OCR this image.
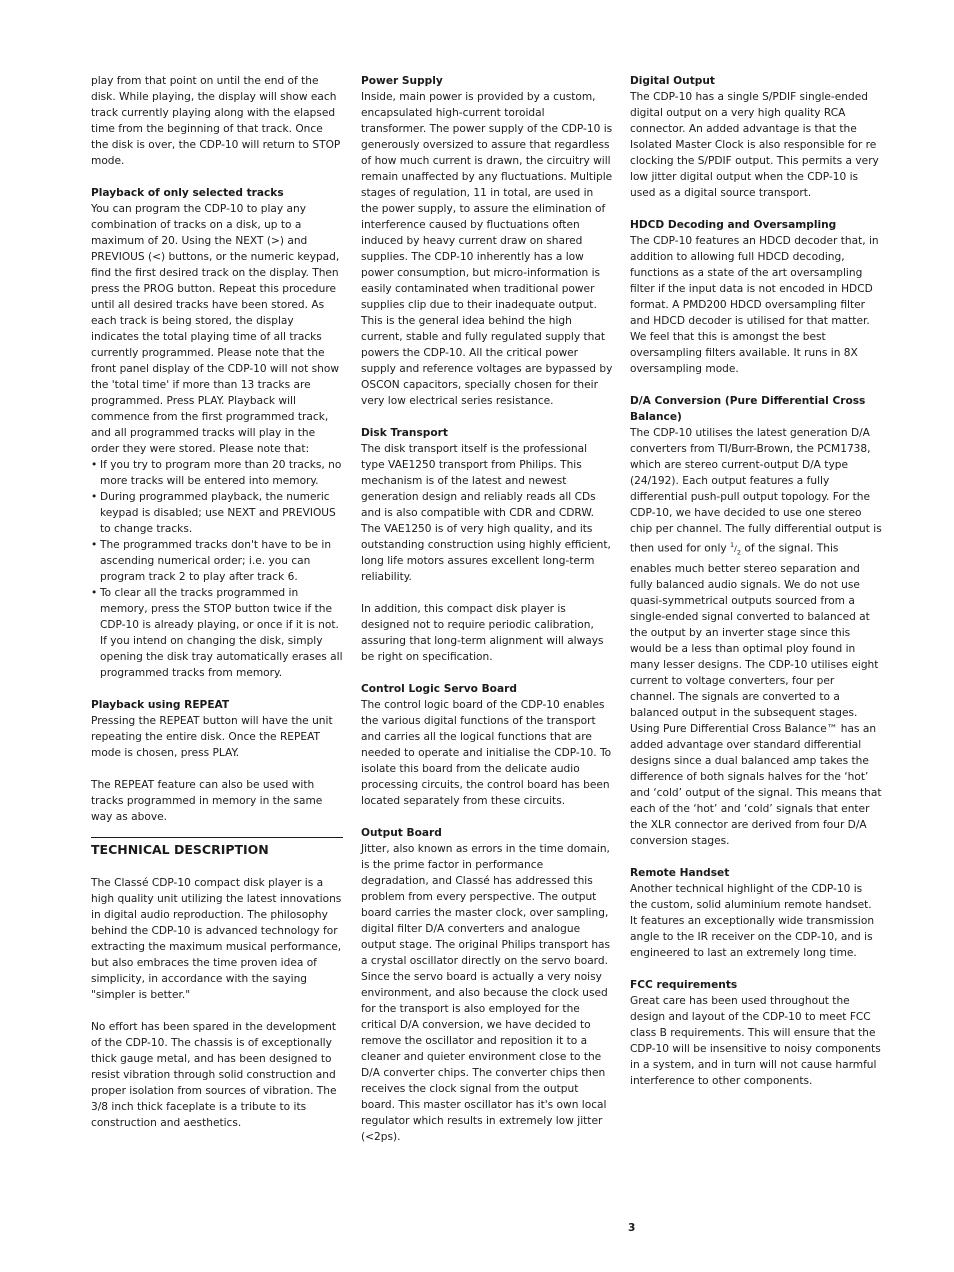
play from that point on until the end of the disk. While playing, the display will show each track currently playing along with the elapsed time from the beginning of that track. Once the disk is over, the CDP-10 will return to STOP mode.

Playback of only selected tracks

You can program the CDP-10 to play any combination of tracks on a disk, up to a maximum of 20. Using the NEXT (>) and PREVIOUS (<) buttons, or the numeric keypad, find the first desired track on the display. Then press the PROG button. Repeat this procedure until all desired tracks have been stored. As each track is being stored, the display indicates the total playing time of all tracks currently programmed. Please note that the front panel display of the CDP-10 will not show the 'total time' if more than 13 tracks are programmed. Press PLAY. Playback will commence from the first programmed track, and all programmed tracks will play in the order they were stored. Please note that:

• If you try to program more than 20 tracks, no more tracks will be entered into memory.
• During programmed playback, the numeric keypad is disabled; use NEXT and PREVIOUS to change tracks.
• The programmed tracks don't have to be in ascending numerical order; i.e. you can program track 2 to play after track 6.
• To clear all the tracks programmed in memory, press the STOP button twice if the CDP-10 is already playing, or once if it is not. If you intend on changing the disk, simply opening the disk tray automatically erases all programmed tracks from memory.
Playback using REPEAT

Pressing the REPEAT button will have the unit repeating the entire disk. Once the REPEAT mode is chosen, press PLAY.

The REPEAT feature can also be used with tracks programmed in memory in the same way as above.

TECHNICAL DESCRIPTION

The Classé CDP-10 compact disk player is a high quality unit utilizing the latest innovations in digital audio reproduction. The philosophy behind the CDP-10 is advanced technology for extracting the maximum musical performance, but also embraces the time proven idea of simplicity, in accordance with the saying "simpler is better."

No effort has been spared in the development of the CDP-10. The chassis is of exceptionally thick gauge metal, and has been designed to resist vibration through solid construction and proper isolation from sources of vibration. The 3/8 inch thick faceplate is a tribute to its construction and aesthetics.

Power Supply

Inside, main power is provided by a custom, encapsulated high-current toroidal transformer. The power supply of the CDP-10 is generously oversized to assure that regardless of how much current is drawn, the circuitry will remain unaffected by any fluctuations. Multiple stages of regulation, 11 in total, are used in the power supply, to assure the elimination of interference caused by fluctuations often induced by heavy current draw on shared supplies. The CDP-10 inherently has a low power consumption, but micro-information is easily contaminated when traditional power supplies clip due to their inadequate output. This is the general idea behind the high current, stable and fully regulated supply that powers the CDP-10. All the critical power supply and reference voltages are bypassed by OSCON capacitors, specially chosen for their very low electrical series resistance.

Disk Transport

The disk transport itself is the professional type VAE1250 transport from Philips. This mechanism is of the latest and newest generation design and reliably reads all CDs and is also compatible with CDR and CDRW. The VAE1250 is of very high quality, and its outstanding construction using highly efficient, long life motors assures excellent long-term reliability.

In addition, this compact disk player is designed not to require periodic calibration, assuring that long-term alignment will always be right on specification.

Control Logic Servo Board

The control logic board of the CDP-10 enables the various digital functions of the transport and carries all the logical functions that are needed to operate and initialise the CDP-10. To isolate this board from the delicate audio processing circuits, the control board has been located separately from these circuits.

Output Board

Jitter, also known as errors in the time domain, is the prime factor in performance degradation, and Classé has addressed this problem from every perspective. The output board carries the master clock, over sampling, digital filter D/A converters and analogue output stage. The original Philips transport has a crystal oscillator directly on the servo board. Since the servo board is actually a very noisy environment, and also because the clock used for the transport is also employed for the critical D/A conversion, we have decided to remove the oscillator and reposition it to a cleaner and quieter environment close to the D/A converter chips. The converter chips then receives the clock signal from the output board. This master oscillator has it's own local regulator which results in extremely low jitter (<2ps).

Digital Output

The CDP-10 has a single S/PDIF single-ended digital output on a very high quality RCA connector. An added advantage is that the Isolated Master Clock is also responsible for re clocking the S/PDIF output. This permits a very low jitter digital output when the CDP-10 is used as a digital source transport.

HDCD Decoding and Oversampling

The CDP-10 features an HDCD decoder that, in addition to allowing full HDCD decoding, functions as a state of the art oversampling filter if the input data is not encoded in HDCD format. A PMD200 HDCD oversampling filter and HDCD decoder is utilised for that matter. We feel that this is amongst the best oversampling filters available. It runs in 8X oversampling mode.

D/A Conversion (Pure Differential Cross Balance)

The CDP-10 utilises the latest generation D/A converters from TI/Burr-Brown, the PCM1738, which are stereo current-output D/A type (24/192). Each output features a fully differential push-pull output topology. For the CDP-10, we have decided to use one stereo chip per channel. The fully differential output is then used for only $^1/_2$ of the signal. This enables much better stereo separation and fully balanced audio signals. We do not use quasi-symmetrical outputs sourced from a single-ended signal converted to balanced at the output by an inverter stage since this would be a less than optimal ploy found in many lesser designs. The CDP-10 utilises eight current to voltage converters, four per channel. The signals are converted to a balanced output in the subsequent stages. Using Pure Differential Cross Balance™ has an added advantage over standard differential designs since a dual balanced amp takes the difference of both signals halves for the ‘hot’ and ‘cold’ output of the signal. This means that each of the ‘hot’ and ‘cold’ signals that enter the XLR connector are derived from four D/A conversion stages.

Remote Handset

Another technical highlight of the CDP-10 is the custom, solid aluminium remote handset. It features an exceptionally wide transmission angle to the IR receiver on the CDP-10, and is engineered to last an extremely long time.

FCC requirements

Great care has been used throughout the design and layout of the CDP-10 to meet FCC class B requirements. This will ensure that the CDP-10 will be insensitive to noisy components in a system, and in turn will not cause harmful interference to other components.

3
